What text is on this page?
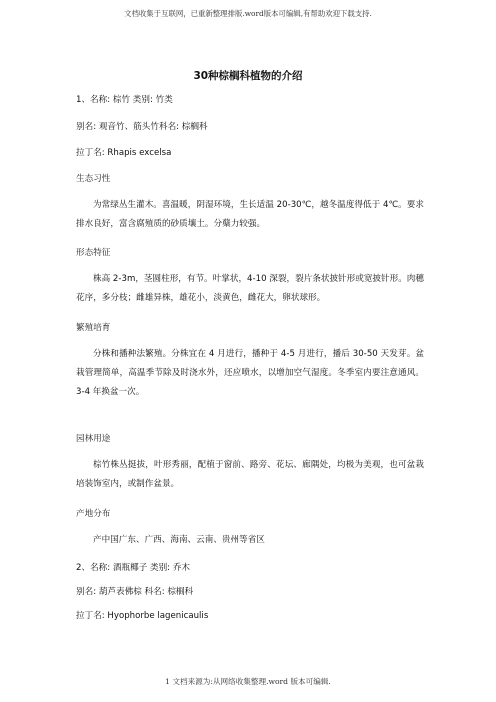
文档收集于互联网，已重新整理排版.word版本可编辑,有帮助欢迎下载支持.
30种棕榈科植物的介绍
1、名称: 棕竹 类别: 竹类
别名: 观音竹、筋头竹科名: 棕榈科
拉丁名: Rhapis excelsa
生态习性
为常绿丛生灌木。喜温暖，阴湿环境，生长适温 20-30℃，越冬温度得低于 4℃。要求排水良好，富含腐殖质的砂质壤土。分蘖力较强。
形态特征
株高 2-3m，茎圆柱形，有节。叶掌状，4-10 深裂，裂片条状披针形或宽披针形。肉穗花序，多分枝；雌雄异株，雄花小，淡黄色，雌花大，卵状球形。
繁殖培育
分株和播种法繁殖。分株宜在 4 月进行，播种于 4-5 月进行，播后 30-50 天发芽。盆栽管理简单，高温季节除及时浇水外，还应喷水，以增加空气湿度。冬季室内要注意通风。3-4 年换盆一次。
园林用途
棕竹株丛挺拔，叶形秀丽，配植于窗前、路旁、花坛、廊隅处，均极为美观，也可盆栽培装饰室内，或制作盆景。
产地分布
产中国广东、广西、海南、云南、贵州等省区
2、名称: 酒瓶椰子 类别: 乔木
别名: 葫芦表佛棕 科名: 棕榈科
拉丁名: Hyophorbe lagenicaulis
1 文档来源为:从网络收集整理.word 版本可编辑.
